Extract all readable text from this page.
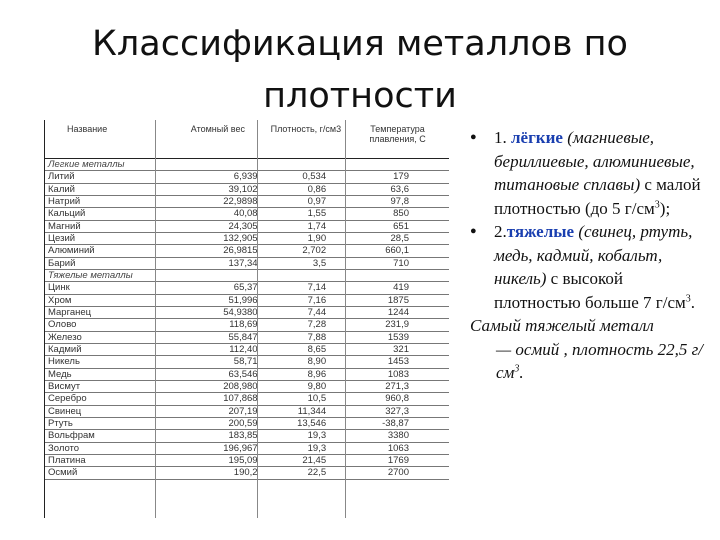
Классификация металлов по
плотности
Название	Атомный вес	Плотность, г/см3	Температура плавления, С
Легкие металлы			
Литий	6,939	0,534	179
Калий	39,102	0,86	63,6
Натрий	22,9898	0,97	97,8
Кальций	40,08	1,55	850
Магний	24,305	1,74	651
Цезий	132,905	1,90	28,5
Алюминий	26,9815	2,702	660,1
Барий	137,34	3,5	710
Тяжелые металлы			
Цинк	65,37	7,14	419
Хром	51,996	7,16	1875
Марганец	54,9380	7,44	1244
Олово	118,69	7,28	231,9
Железо	55,847	7,88	1539
Кадмий	112,40	8,65	321
Никель	58,71	8,90	1453
Медь	63,546	8,96	1083
Висмут	208,980	9,80	271,3
Серебро	107,868	10,5	960,8
Свинец	207,19	11,344	327,3
Ртуть	200,59	13,546	-38,87
Вольфрам	183,85	19,3	3380
Золото	196,967	19,3	1063
Платина	195,09	21,45	1769
Осмий	190,2	22,5	2700
●	1. лёгкие (магниевые, бериллиевые, алюминиевые, титановые сплавы) с малой плотностью (до 5 $г/см^3$);
●	2.тяжелые (свинец, ртуть, медь, кадмий, кобальт, никель) с высокой плотностью больше 7 $г/см^3$.
Самый тяжелый металл
— осмий , плотность 22,5 $г/см^3$.
